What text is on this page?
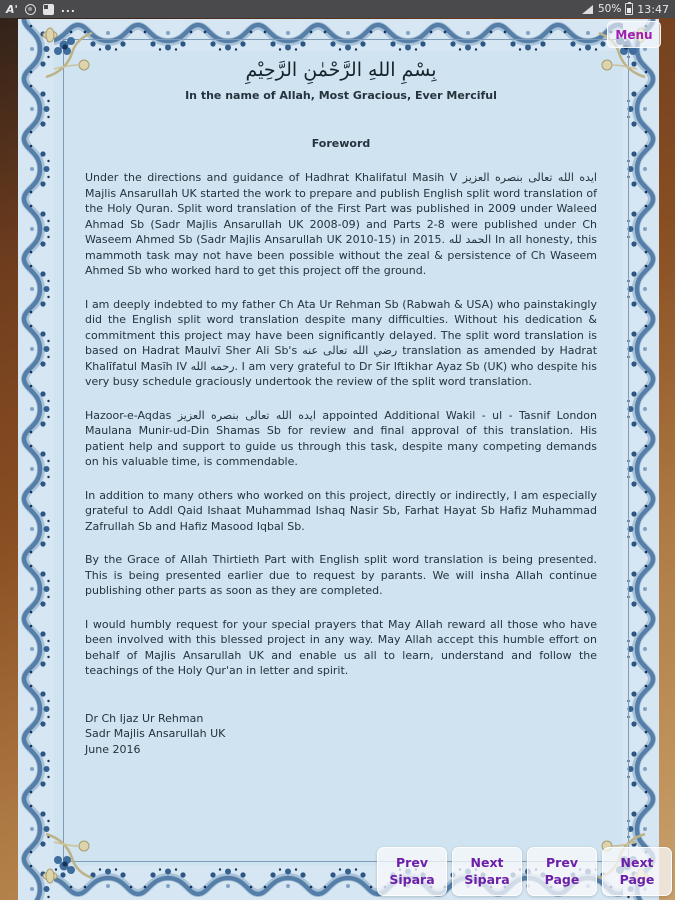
A'	...	50% 13:47
بِسْمِ اللهِ الرَّحْمٰنِ الرَّحِيْمِ
In the name of Allah, Most Gracious, Ever Merciful
Foreword

Under the directions and guidance of Hadhrat Khalifatul Masih V ايده الله تعالى بنصره العزيز Majlis Ansarullah UK started the work to prepare and publish English split word translation of the Holy Quran. Split word translation of the First Part was published in 2009 under Waleed Ahmad Sb (Sadr Majlis Ansarullah UK 2008-09) and Parts 2-8 were published under Ch Waseem Ahmed Sb (Sadr Majlis Ansarullah UK 2010-15) in 2015. الحمد لله In all honesty, this mammoth task may not have been possible without the zeal & persistence of Ch Waseem Ahmed Sb who worked hard to get this project off the ground.

I am deeply indebted to my father Ch Ata Ur Rehman Sb (Rabwah & USA) who painstakingly did the English split word translation despite many difficulties. Without his dedication & commitment this project may have been significantly delayed. The split word translation is based on Hadrat Maulvī Sher Ali Sb's رضي الله تعالى عنه translation as amended by Hadrat Khalīfatul Masīh IV رحمه الله. I am very grateful to Dr Sir Iftikhar Ayaz Sb (UK) who despite his very busy schedule graciously undertook the review of the split word translation.

Hazoor-e-Aqdas ايده الله تعالى بنصره العزيز appointed Additional Wakil - ul - Tasnif London Maulana Munir-ud-Din Shamas Sb for review and final approval of this translation. His patient help and support to guide us through this task, despite many competing demands on his valuable time, is commendable.

In addition to many others who worked on this project, directly or indirectly, I am especially grateful to Addl Qaid Ishaat Muhammad Ishaq Nasir Sb, Farhat Hayat Sb Hafiz Muhammad Zafrullah Sb and Hafiz Masood Iqbal Sb.

By the Grace of Allah Thirtieth Part with English split word translation is being presented. This is being presented earlier due to request by parants. We will insha Allah continue publishing other parts as soon as they are completed.

I would humbly request for your special prayers that May Allah reward all those who have been involved with this blessed project in any way. May Allah accept this humble effort on behalf of Majlis Ansarullah UK and enable us all to learn, understand and follow the teachings of the Holy Qur'an in letter and spirit.

Dr Ch Ijaz Ur Rehman
Sadr Majlis Ansarullah UK
June 2016
Menu
Prev
Sipara
Next
Sipara
Prev
Page
Next
Page
